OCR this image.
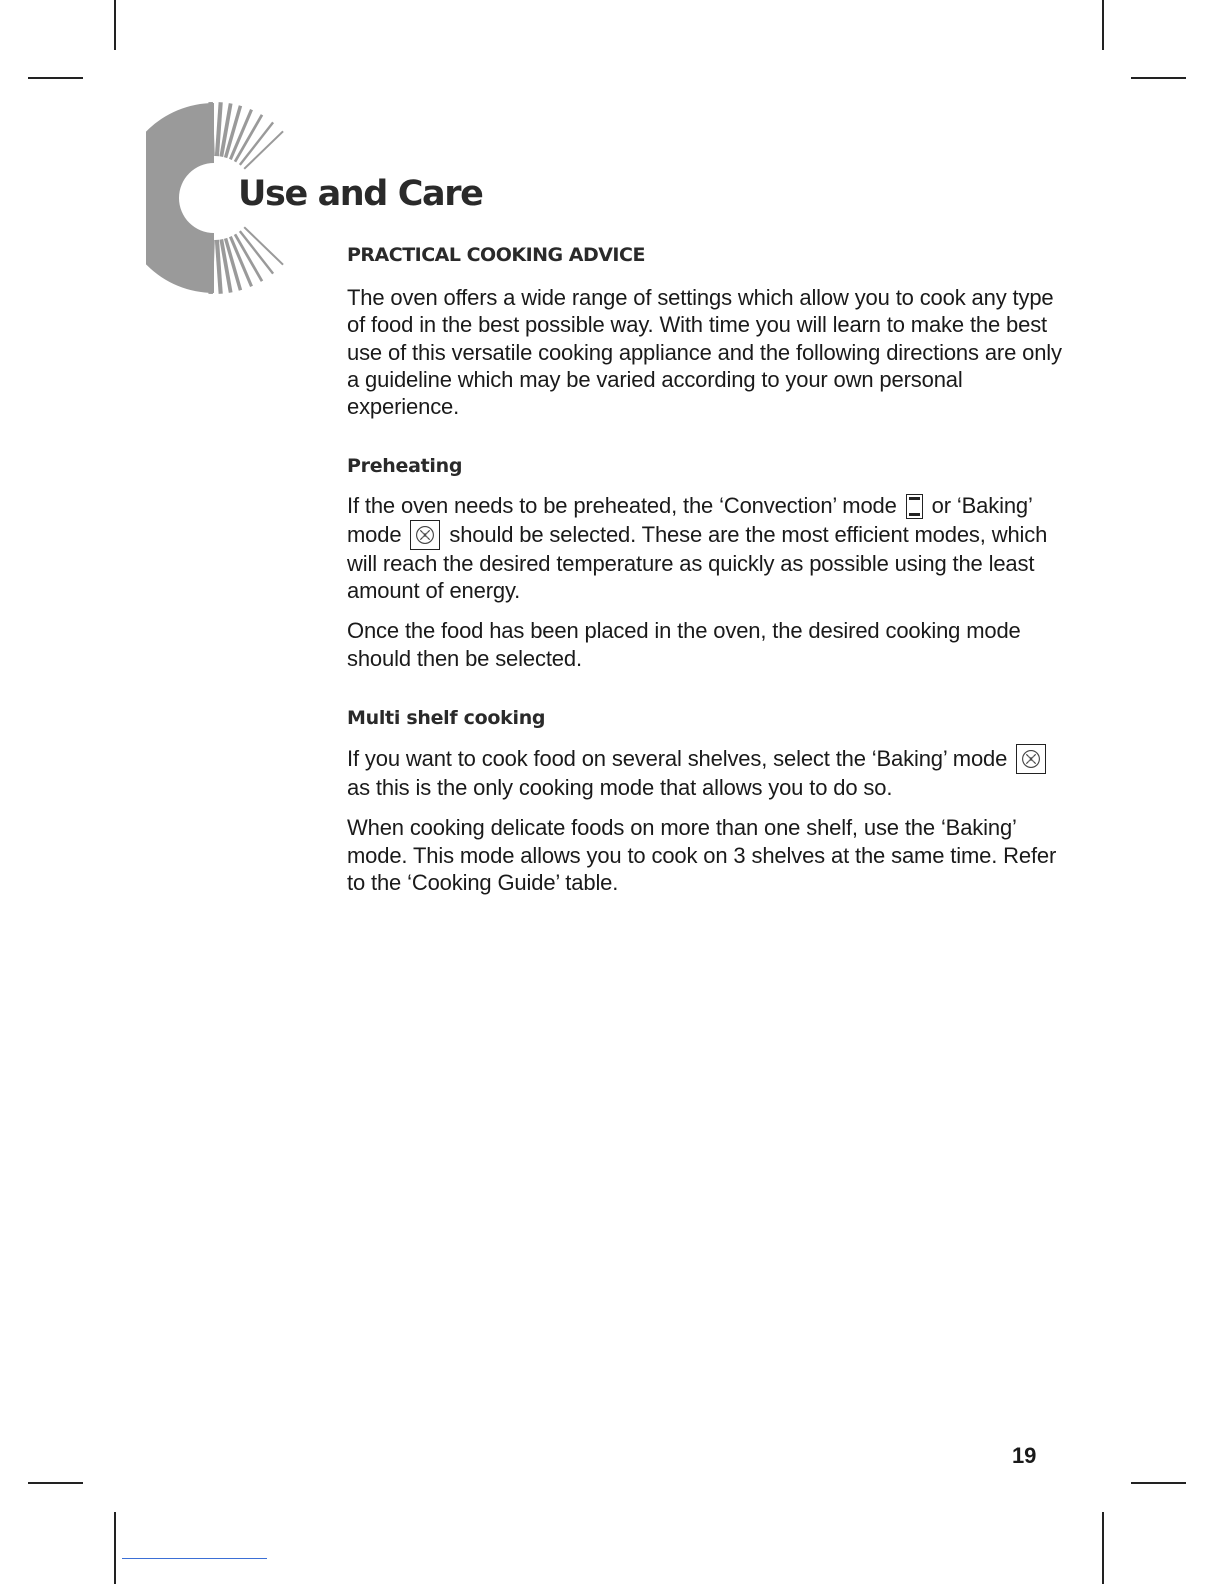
Use and Care
PRACTICAL COOKING ADVICE

The oven offers a wide range of settings which allow you to cook any type of food in the best possible way. With time you will learn to make the best use of this versatile cooking appliance and the following directions are only a guideline which may be varied according to your own personal experience.

Preheating

If the oven needs to be preheated, the ‘Convection’ mode or ‘Baking’ mode should be selected. These are the most efficient modes, which will reach the desired temperature as quickly as possible using the least amount of energy.

Once the food has been placed in the oven, the desired cooking mode should then be selected.

Multi shelf cooking

If you want to cook food on several shelves, select the ‘Baking’ mode  as this is the only cooking mode that allows you to do so.

When cooking delicate foods on more than one shelf, use the ‘Baking’ mode. This mode allows you to cook on 3 shelves at the same time. Refer to the ‘Cooking Guide’ table.

19
